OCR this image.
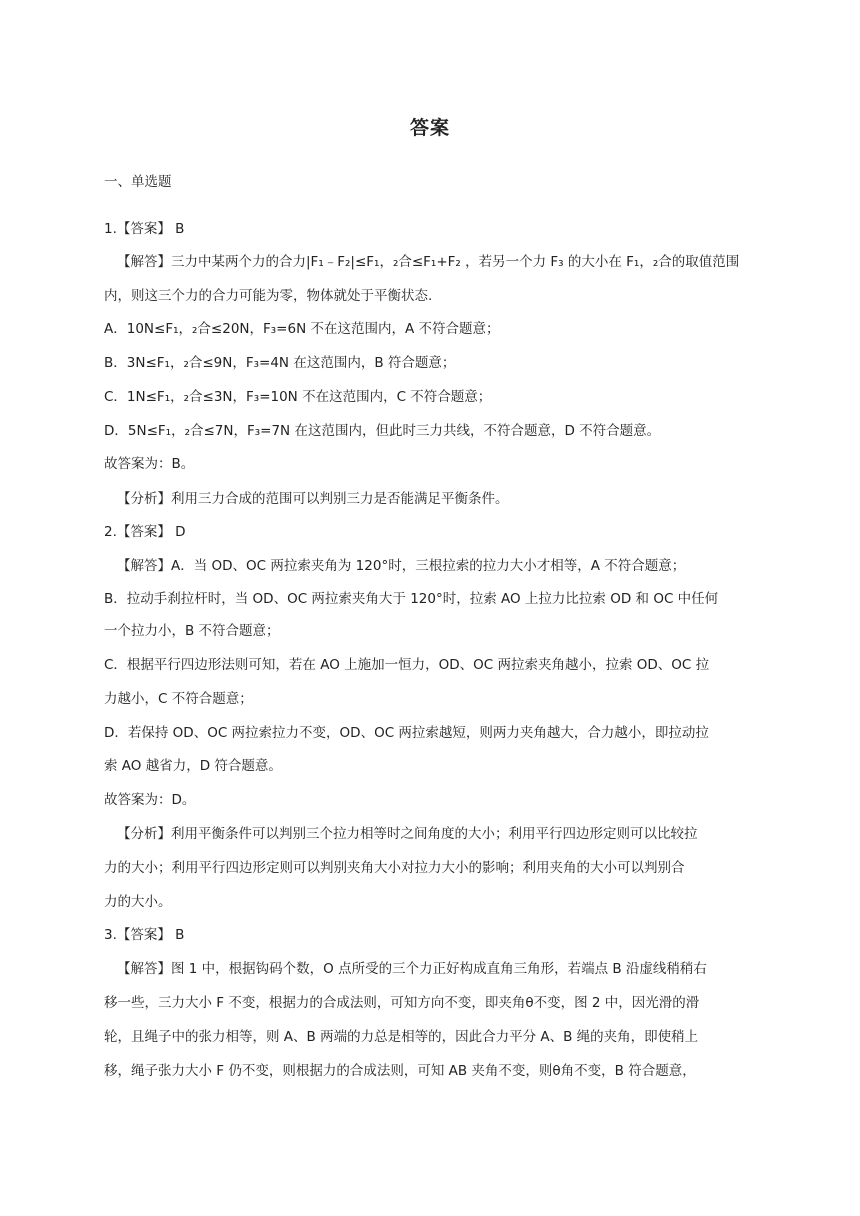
答案
一、单选题
1.【答案】 B
【解答】三力中某两个力的合力|F₁﹣F₂|≤F₁，₂合≤F₁+F₂ ，若另一个力 F₃ 的大小在 F₁，₂合的取值范围
内，则这三个力的合力可能为零，物体就处于平衡状态.
A．10N≤F₁，₂合≤20N，F₃=6N 不在这范围内，A 不符合题意；
B．3N≤F₁，₂合≤9N，F₃=4N 在这范围内，B 符合题意；
C．1N≤F₁，₂合≤3N，F₃=10N 不在这范围内，C 不符合题意；
D．5N≤F₁，₂合≤7N，F₃=7N 在这范围内，但此时三力共线，不符合题意，D 不符合题意。
故答案为：B。
【分析】利用三力合成的范围可以判别三力是否能满足平衡条件。
2.【答案】 D
【解答】A．当 OD、OC 两拉索夹角为 120°时，三根拉索的拉力大小才相等，A 不符合题意；
B．拉动手刹拉杆时，当 OD、OC 两拉索夹角大于 120°时，拉索 AO 上拉力比拉索 OD 和 OC 中任何
一个拉力小，B 不符合题意；
C．根据平行四边形法则可知，若在 AO 上施加一恒力，OD、OC 两拉索夹角越小，拉索 OD、OC 拉
力越小，C 不符合题意；
D．若保持 OD、OC 两拉索拉力不变，OD、OC 两拉索越短，则两力夹角越大，合力越小，即拉动拉
索 AO 越省力，D 符合题意。
故答案为：D。
【分析】利用平衡条件可以判别三个拉力相等时之间角度的大小；利用平行四边形定则可以比较拉
力的大小；利用平行四边形定则可以判别夹角大小对拉力大小的影响；利用夹角的大小可以判别合
力的大小。
3.【答案】 B
【解答】图 1 中，根据钩码个数，O 点所受的三个力正好构成直角三角形，若端点 B 沿虚线稍稍右
移一些，三力大小 F 不变，根据力的合成法则，可知方向不变，即夹角θ不变，图 2 中，因光滑的滑
轮，且绳子中的张力相等，则 A、B 两端的力总是相等的，因此合力平分 A、B 绳的夹角，即使稍上
移，绳子张力大小 F 仍不变，则根据力的合成法则，可知 AB 夹角不变，则θ角不变，B 符合题意，
